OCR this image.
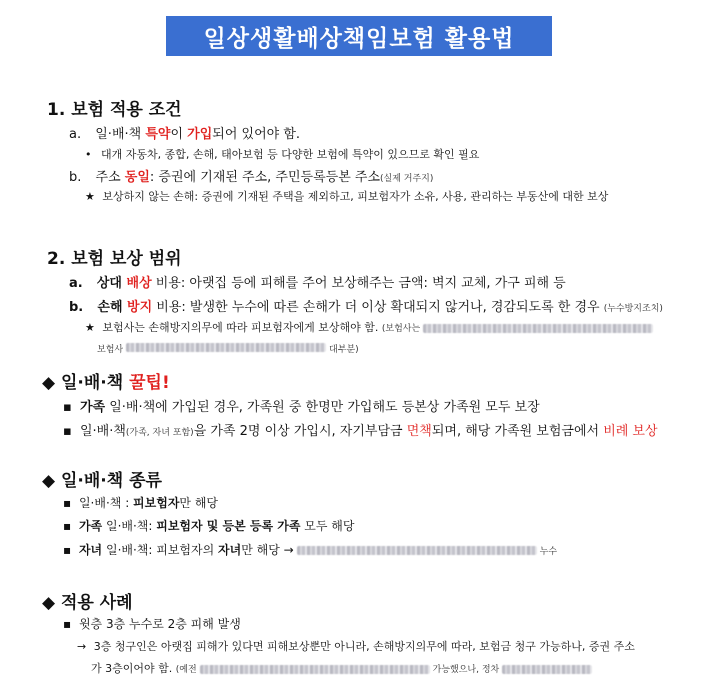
일상생활배상책임보험 활용법
1. 보험 적용 조건
a. 일·배·책 특약이 가입되어 있어야 함.
• 대개 자동차, 종합, 손해, 태아보험 등 다양한 보험에 특약이 있으므로 확인 필요
b. 주소 동일: 증권에 기재된 주소, 주민등록등본 주소(실제 거주지)
★ 보상하지 않는 손해: 증권에 기재된 주택을 제외하고, 피보험자가 소유, 사용, 관리하는 부동산에 대한 보상
2. 보험 보상 범위
a. 상대 배상 비용: 아랫집 등에 피해를 주어 보상해주는 금액: 벽지 교체, 가구 피해 등
b. 손해 방지 비용: 발생한 누수에 따른 손해가 더 이상 확대되지 않거나, 경감되도록 한 경우 (누수방지조치)
★ 보험사는 손해방지의무에 따라 피보험자에게 보상해야 함. (보험사는
보험사	대부분)
◆ 일·배·책 꿀팁!
▪ 가족 일·배·책에 가입된 경우, 가족원 중 한명만 가입해도 등본상 가족원 모두 보장
▪ 일·배·책(가족, 자녀 포함)을 가족 2명 이상 가입시, 자기부담금 면책되며, 해당 가족원 보험금에서 비례 보상
◆ 일·배·책 종류
▪ 일·배·책 : 피보험자만 해당
▪ 가족 일·배·책: 피보험자 및 등본 등록 가족 모두 해당
▪ 자녀 일·배·책: 피보험자의 자녀만 해당 →	누수
◆ 적용 사례
▪ 윗층 3층 누수로 2층 피해 발생
→ 3층 청구인은 아랫집 피해가 있다면 피해보상뿐만 아니라, 손해방지의무에 따라, 보험금 청구 가능하나, 증권 주소
가 3층이어야 함. (예전	가능했으나, 정차
